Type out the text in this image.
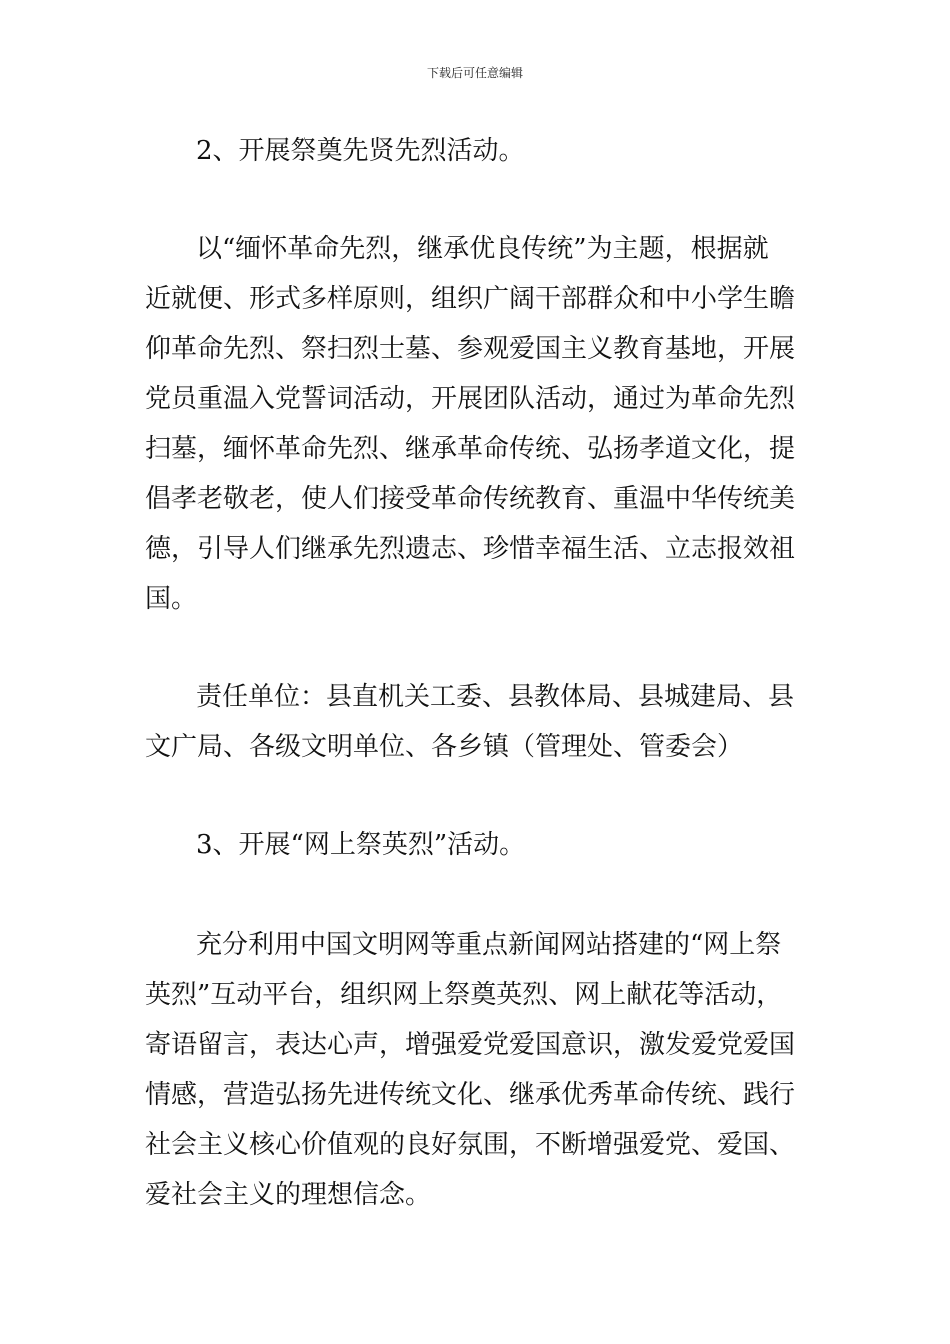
下载后可任意编辑
2、开展祭奠先贤先烈活动。
以“缅怀革命先烈，继承优良传统”为主题，根据就
近就便、形式多样原则，组织广阔干部群众和中小学生瞻
仰革命先烈、祭扫烈士墓、参观爱国主义教育基地，开展
党员重温入党誓词活动，开展团队活动，通过为革命先烈
扫墓，缅怀革命先烈、继承革命传统、弘扬孝道文化，提
倡孝老敬老，使人们接受革命传统教育、重温中华传统美
德，引导人们继承先烈遗志、珍惜幸福生活、立志报效祖
国。
责任单位：县直机关工委、县教体局、县城建局、县
文广局、各级文明单位、各乡镇（管理处、管委会）
3、开展“网上祭英烈”活动。
充分利用中国文明网等重点新闻网站搭建的“网上祭
英烈”互动平台，组织网上祭奠英烈、网上献花等活动，
寄语留言，表达心声，增强爱党爱国意识，激发爱党爱国
情感，营造弘扬先进传统文化、继承优秀革命传统、践行
社会主义核心价值观的良好氛围，不断增强爱党、爱国、
爱社会主义的理想信念。
